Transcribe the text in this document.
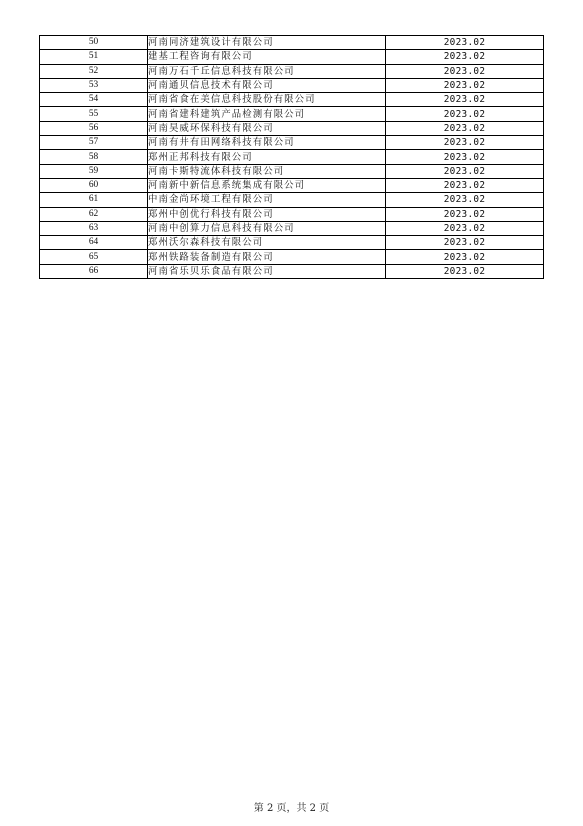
50	河南同济建筑设计有限公司	2023.02
51	建基工程咨询有限公司	2023.02
52	河南万石千丘信息科技有限公司	2023.02
53	河南通贝信息技术有限公司	2023.02
54	河南省食在美信息科技股份有限公司	2023.02
55	河南省建科建筑产品检测有限公司	2023.02
56	河南昊威环保科技有限公司	2023.02
57	河南有井有田网络科技有限公司	2023.02
58	郑州正邦科技有限公司	2023.02
59	河南卡斯特流体科技有限公司	2023.02
60	河南新中新信息系统集成有限公司	2023.02
61	中南金尚环境工程有限公司	2023.02
62	郑州中创优行科技有限公司	2023.02
63	河南中创算力信息科技有限公司	2023.02
64	郑州沃尔森科技有限公司	2023.02
65	郑州铁路装备制造有限公司	2023.02
66	河南省乐贝乐食品有限公司	2023.02
第 2 页，共 2 页
